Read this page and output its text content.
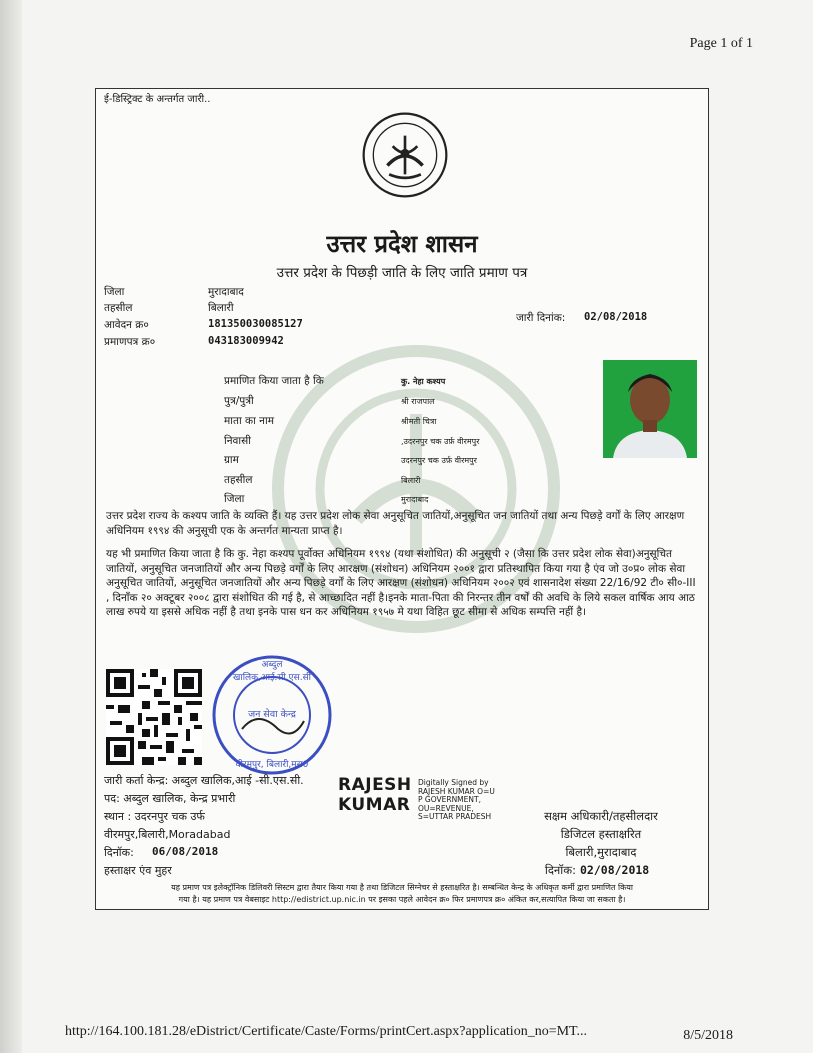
Page 1 of 1
ई-डिस्ट्रिक्ट के अन्तर्गत जारी..
उत्तर प्रदेश शासन
उत्तर प्रदेश के पिछड़ी जाति के लिए जाति प्रमाण पत्र
जिला	मुरादाबाद
तहसील	बिलारी
आवेदन क्र०	181350030085127
प्रमाणपत्र क्र०	043183009942
जारी दिनांक: 02/08/2018
प्रमाणित किया जाता है कि	कु. नेहा कश्यप
पुत्र/पुत्री	श्री राजपाल
माता का नाम	श्रीमती चित्रा
निवासी	,उदरनपुर चक उर्फ़ वीरमपुर
ग्राम	उदरनपुर चक उर्फ़ वीरमपुर
तहसील	बिलारी
जिला	मुरादाबाद
उत्तर प्रदेश राज्य के कश्यप जाति के व्यक्ति हैं। यह उत्तर प्रदेश लोक सेवा अनुसूचित जातियों,अनुसूचित जन जातियों तथा अन्य पिछड़े वर्गों के लिए आरक्षण अधिनियम १९९४ की अनुसूची एक के अन्तर्गत मान्यता प्राप्त है।
यह भी प्रमाणित किया जाता है कि कु. नेहा कश्यप पूर्वोक्त अधिनियम १९९४ (यथा संशोधित) की अनुसूची २ (जैसा कि उत्तर प्रदेश लोक सेवा)अनुसूचित जातियों, अनुसूचित जनजातियों और अन्य पिछड़े वर्गों के लिए आरक्षण (संशोधन) अधिनियम २००१ द्वारा प्रतिस्थापित किया गया है एंव जो उ०प्र० लोक सेवा अनुसूचित जातियों, अनुसूचित जनजातियों और अन्य पिछड़े वर्गों के लिए आरक्षण (संशोधन) अधिनियम २००२ एवं शासनादेश संख्या 22/16/92 टी० सी०-III , दिनाँक २० अक्टूबर २००८ द्वारा संशोधित की गई है, से आच्छादित नहीं है।इनके माता-पिता की निरन्तर तीन वर्षों की अवधि के लिये सकल वार्षिक आय आठ लाख रुपये या इससे अधिक नहीं है तथा इनके पास धन कर अधिनियम १९५७ मे यथा विहित छूट सीमा से अधिक सम्पत्ति नहीं है।
अब्दुल खालिक,आई.सी.एस.सी
जन सेवा केन्द्र
वीरमपुर, बिलारी,मुरा0
जारी कर्ता केन्द्र: अब्दुल खालिक,आई -सी.एस.सी.
पद: अब्दुल खालिक, केन्द्र प्रभारी
स्थान : उदरनपुर चक उर्फ
वीरमपुर,बिलारी,Moradabad
दिनॉक: 06/08/2018
हस्ताक्षर एंव मुहर
RAJESH
KUMAR
Digitally Signed by
RAJESH KUMAR O=U
P GOVERNMENT,
OU=REVENUE,
S=UTTAR PRADESH	सक्षम अधिकारी/तहसीलदार
डिजिटल हस्ताक्षरित
बिलारी,मुरादाबाद
दिनॉक: 02/08/2018
यह प्रमाण पत्र इलेक्ट्रॉनिक डिलिवरी सिस्टम द्वारा तैयार किया गया है तथा डिजिटल सिग्नेचर से हस्ताक्षरित है। सम्बन्धित केन्द्र के अधिकृत कर्मी द्वारा प्रमाणित किया
गया है। यह प्रमाण पत्र वेबसाइट http://edistrict.up.nic.in पर इसका पहले आवेदन क्र० फिर प्रमाणपत्र क्र० अंकित कर,सत्यापित किया जा सकता है।
http://164.100.181.28/eDistrict/Certificate/Caste/Forms/printCert.aspx?application_no=MT...	8/5/2018
